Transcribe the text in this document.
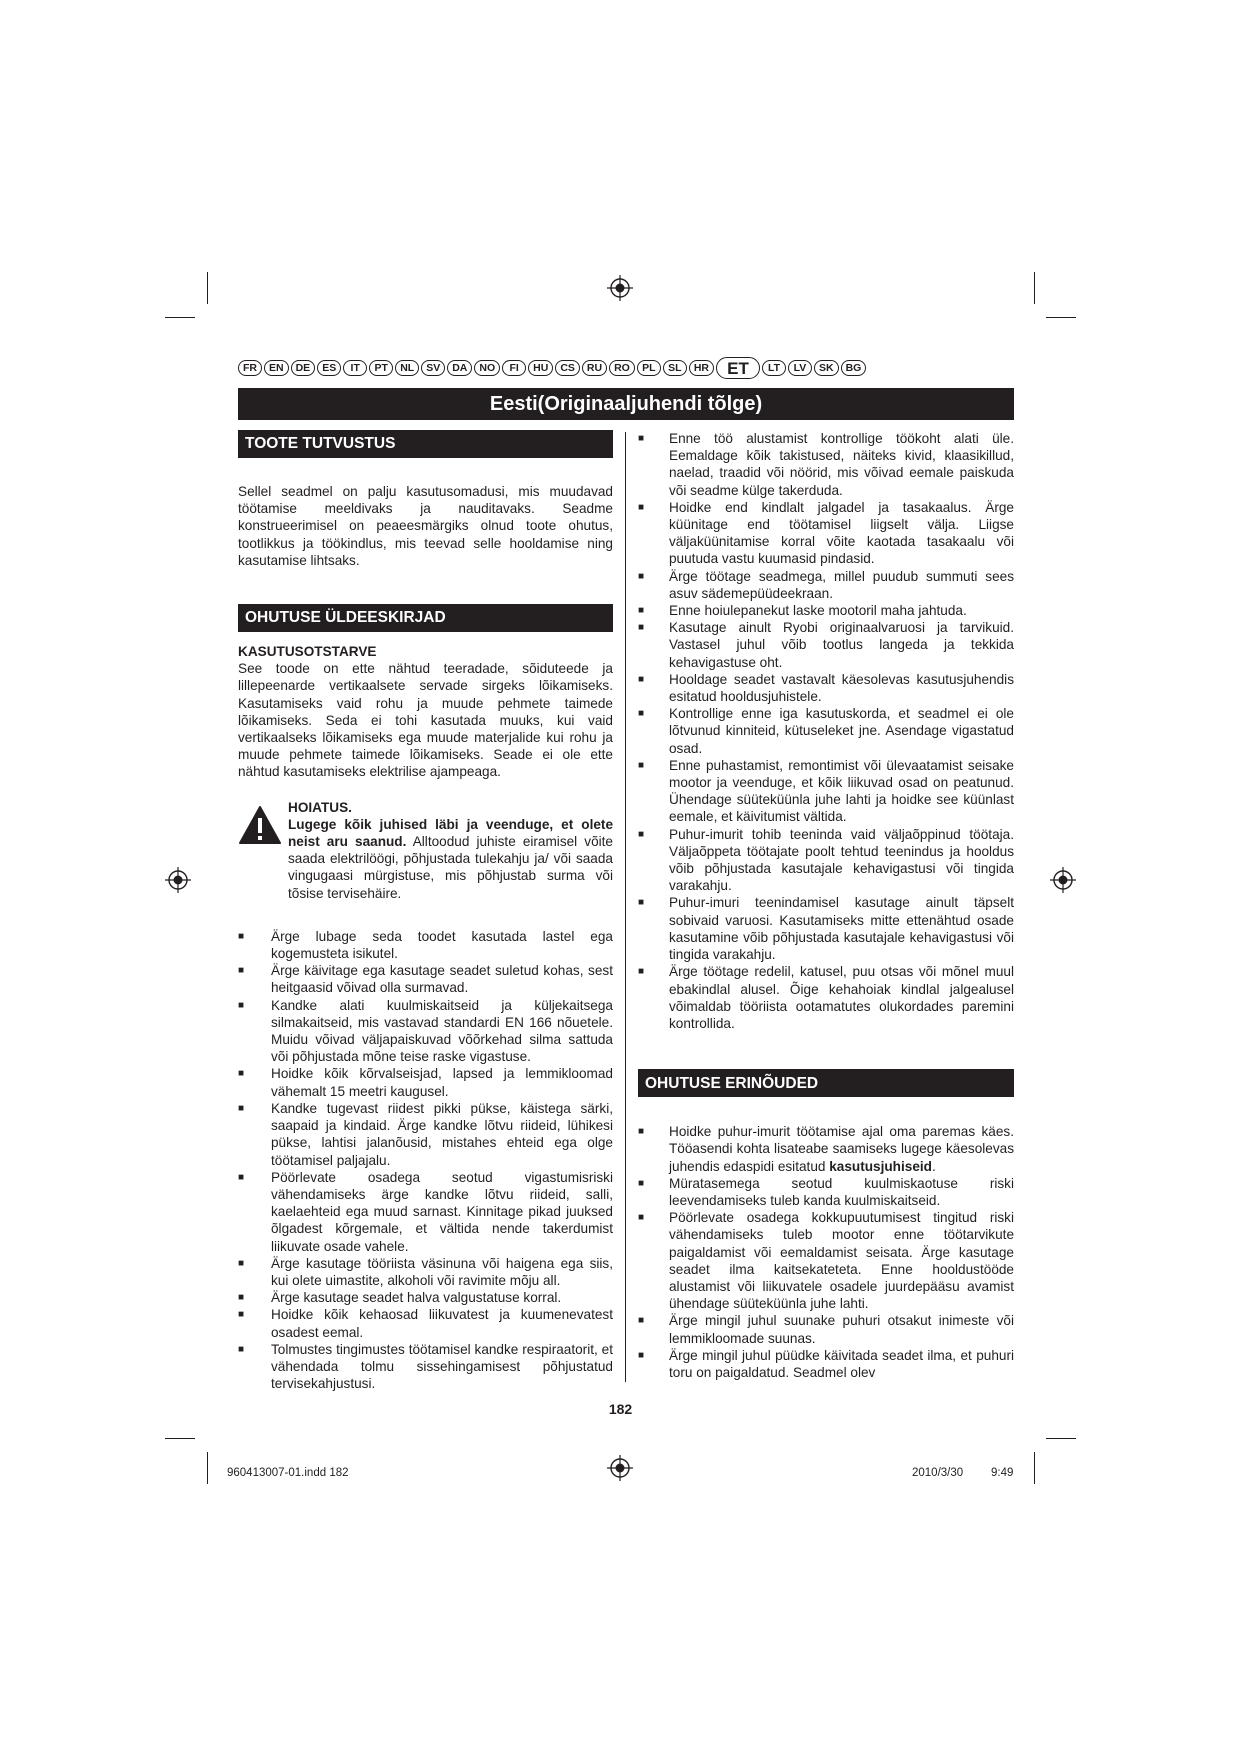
FR	EN	DE	ES	IT	PT	NL	SV	DA	NO	FI	HU	CS	RU	RO	PL	SL	HR	ET	LT	LV	SK	BG
Eesti(Originaaljuhendi tõlge)
TOOTE TUTVUSTUS

Sellel seadmel on palju kasutusomadusi, mis muudavad töötamise meeldivaks ja nauditavaks. Seadme konstrueerimisel on peaeesmärgiks olnud toote ohutus, tootlikkus ja töökindlus, mis teevad selle hooldamise ning kasutamise lihtsaks.

OHUTUSE ÜLDEESKIRJAD

KASUTUSOTSTARVE

See toode on ette nähtud teeradade, sõiduteede ja lillepeenarde vertikaalsete servade sirgeks lõikamiseks. Kasutamiseks vaid rohu ja muude pehmete taimede lõikamiseks. Seda ei tohi kasutada muuks, kui vaid vertikaalseks lõikamiseks ega muude materjalide kui rohu ja muude pehmete taimede lõikamiseks. Seade ei ole ette nähtud kasutamiseks elektrilise ajampeaga.

HOIATUS.

Lugege kõik juhised läbi ja veenduge, et olete neist aru saanud. Alltoodud juhiste eiramisel võite saada elektrilöögi, põhjustada tulekahju ja/ või saada vingugaasi mürgistuse, mis põhjustab surma või tõsise tervisehäire.

■ Ärge lubage seda toodet kasutada lastel ega kogemusteta isikutel.
■ Ärge käivitage ega kasutage seadet suletud kohas, sest heitgaasid võivad olla surmavad.
■ Kandke alati kuulmiskaitseid ja küljekaitsega silmakaitseid, mis vastavad standardi EN 166 nõuetele. Muidu võivad väljapaiskuvad võõrkehad silma sattuda või põhjustada mõne teise raske vigastuse.
■ Hoidke kõik kõrvalseisjad, lapsed ja lemmikloomad vähemalt 15 meetri kaugusel.
■ Kandke tugevast riidest pikki pükse, käistega särki, saapaid ja kindaid. Ärge kandke lõtvu riideid, lühikesi pükse, lahtisi jalanõusid, mistahes ehteid ega olge töötamisel paljajalu.
■ Pöörlevate osadega seotud vigastumisriski vähendamiseks ärge kandke lõtvu riideid, salli, kaelaehteid ega muud sarnast. Kinnitage pikad juuksed õlgadest kõrgemale, et vältida nende takerdumist liikuvate osade vahele.
■ Ärge kasutage tööriista väsinuna või haigena ega siis, kui olete uimastite, alkoholi või ravimite mõju all.
■ Ärge kasutage seadet halva valgustatuse korral.
■ Hoidke kõik kehaosad liikuvatest ja kuumenevatest osadest eemal.
■ Tolmustes tingimustes töötamisel kandke respiraatorit, et vähendada tolmu sissehingamisest põhjustatud tervisekahjustusi.
■ Enne töö alustamist kontrollige töökoht alati üle. Eemaldage kõik takistused, näiteks kivid, klaasikillud, naelad, traadid või nöörid, mis võivad eemale paiskuda või seadme külge takerduda.
■ Hoidke end kindlalt jalgadel ja tasakaalus. Ärge küünitage end töötamisel liigselt välja. Liigse väljaküünitamise korral võite kaotada tasakaalu või puutuda vastu kuumasid pindasid.
■ Ärge töötage seadmega, millel puudub summuti sees asuv sädemepüüdeekraan.
■ Enne hoiulepanekut laske mootoril maha jahtuda.
■ Kasutage ainult Ryobi originaalvaruosi ja tarvikuid. Vastasel juhul võib tootlus langeda ja tekkida kehavigastuse oht.
■ Hooldage seadet vastavalt käesolevas kasutusjuhendis esitatud hooldusjuhistele.
■ Kontrollige enne iga kasutuskorda, et seadmel ei ole lõtvunud kinniteid, kütuseleket jne. Asendage vigastatud osad.
■ Enne puhastamist, remontimist või ülevaatamist seisake mootor ja veenduge, et kõik liikuvad osad on peatunud. Ühendage süüteküünla juhe lahti ja hoidke see küünlast eemale, et käivitumist vältida.
■ Puhur-imurit tohib teeninda vaid väljaõppinud töötaja. Väljaõppeta töötajate poolt tehtud teenindus ja hooldus võib põhjustada kasutajale kehavigastusi või tingida varakahju.
■ Puhur-imuri teenindamisel kasutage ainult täpselt sobivaid varuosi. Kasutamiseks mitte ettenähtud osade kasutamine võib põhjustada kasutajale kehavigastusi või tingida varakahju.
■ Ärge töötage redelil, katusel, puu otsas või mõnel muul ebakindlal alusel. Õige kehahoiak kindlal jalgealusel võimaldab tööriista ootamatutes olukordades paremini kontrollida.
OHUTUSE ERINÕUDED
■ Hoidke puhur-imurit töötamise ajal oma paremas käes. Tööasendi kohta lisateabe saamiseks lugege käesolevas juhendis edaspidi esitatud kasutusjuhiseid.
■ Müratasemega seotud kuulmiskaotuse riski leevendamiseks tuleb kanda kuulmiskaitseid.
■ Pöörlevate osadega kokkupuutumisest tingitud riski vähendamiseks tuleb mootor enne töötarvikute paigaldamist või eemaldamist seisata. Ärge kasutage seadet ilma kaitsekateteta. Enne hooldustööde alustamist või liikuvatele osadele juurdepääsu avamist ühendage süüteküünla juhe lahti.
■ Ärge mingil juhul suunake puhuri otsakut inimeste või lemmikloomade suunas.
■ Ärge mingil juhul püüdke käivitada seadet ilma, et puhuri toru on paigaldatud. Seadmel olev
182
960413007-01.indd 182	2010/3/30 9:49
